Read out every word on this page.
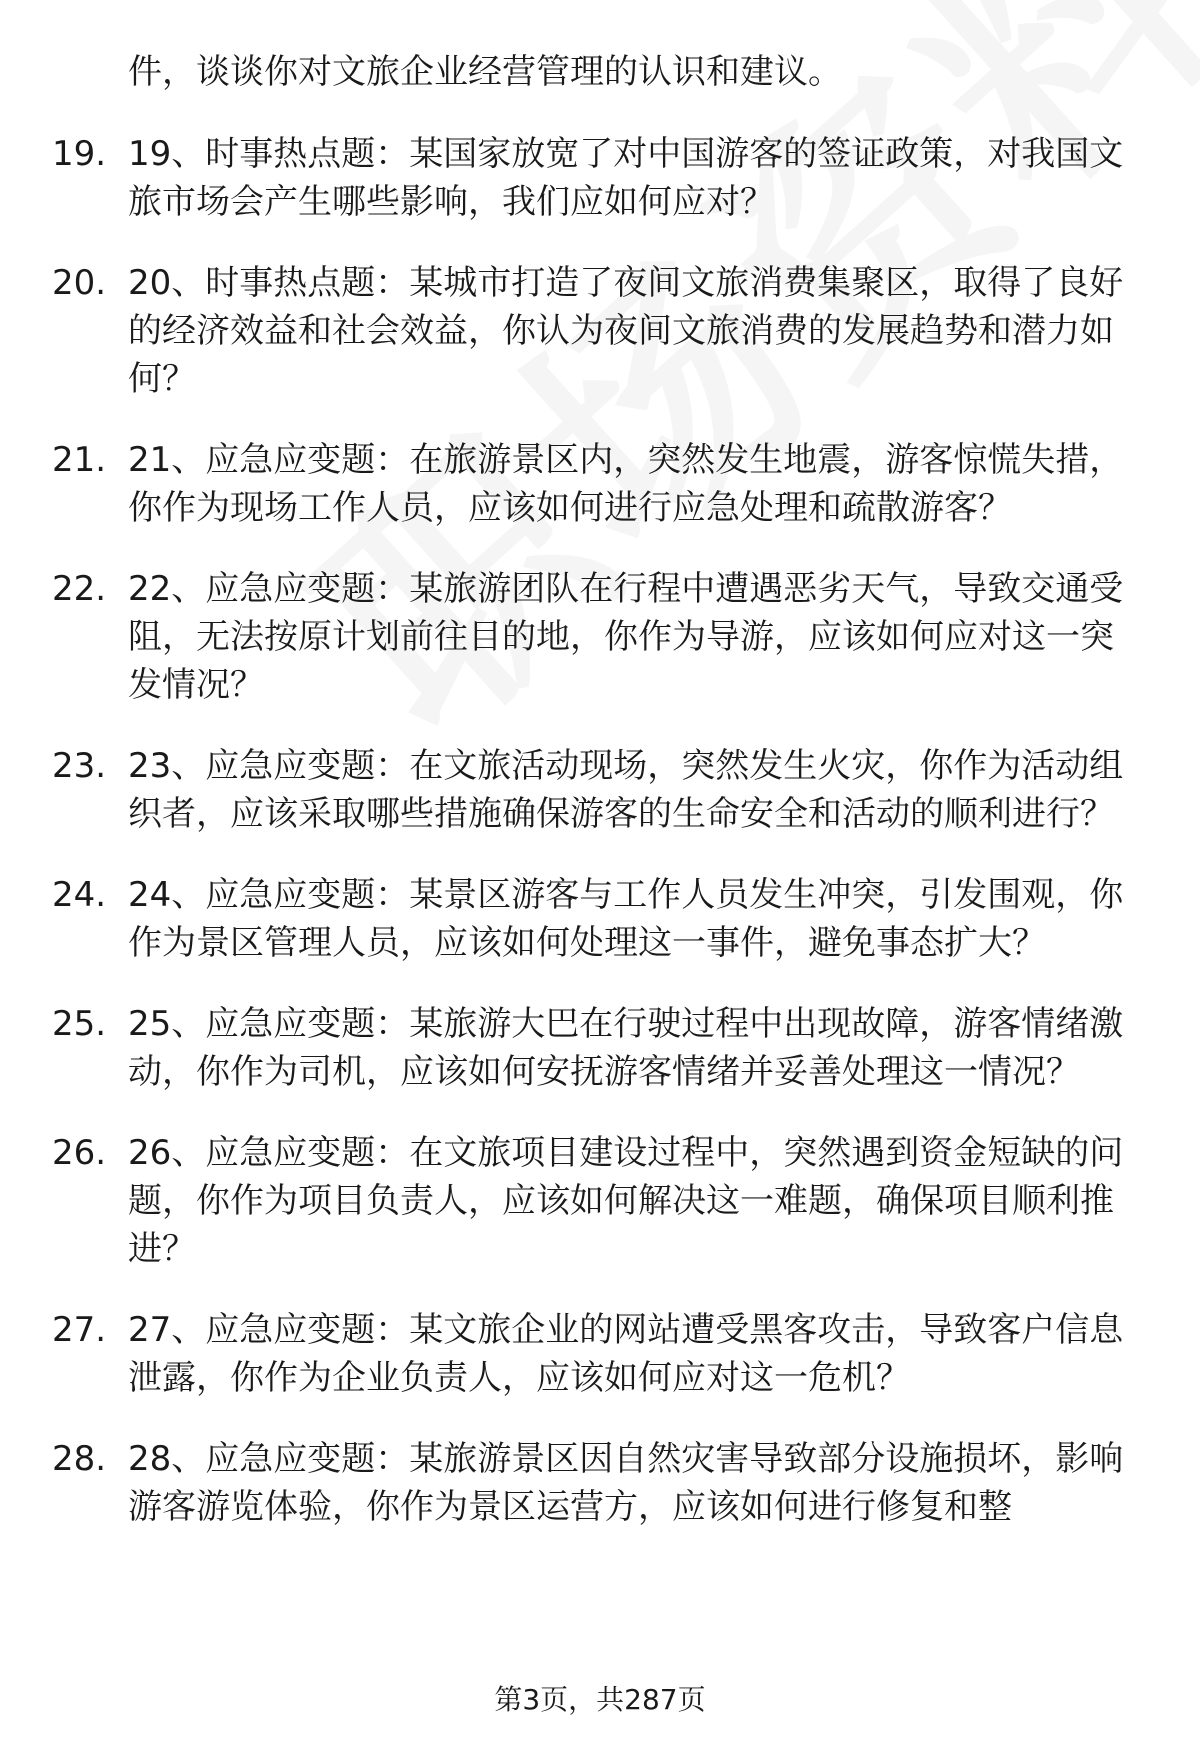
件，谈谈你对文旅企业经营管理的认识和建议。
19. 19、时事热点题：某国家放宽了对中国游客的签证政策，对我国文旅市场会产生哪些影响，我们应如何应对？
20. 20、时事热点题：某城市打造了夜间文旅消费集聚区，取得了良好的经济效益和社会效益，你认为夜间文旅消费的发展趋势和潜力如何？
21. 21、应急应变题：在旅游景区内，突然发生地震，游客惊慌失措，你作为现场工作人员，应该如何进行应急处理和疏散游客？
22. 22、应急应变题：某旅游团队在行程中遭遇恶劣天气，导致交通受阻，无法按原计划前往目的地，你作为导游，应该如何应对这一突发情况？
23. 23、应急应变题：在文旅活动现场，突然发生火灾，你作为活动组织者，应该采取哪些措施确保游客的生命安全和活动的顺利进行？
24. 24、应急应变题：某景区游客与工作人员发生冲突，引发围观，你作为景区管理人员，应该如何处理这一事件，避免事态扩大？
25. 25、应急应变题：某旅游大巴在行驶过程中出现故障，游客情绪激动，你作为司机，应该如何安抚游客情绪并妥善处理这一情况？
26. 26、应急应变题：在文旅项目建设过程中，突然遇到资金短缺的问题，你作为项目负责人，应该如何解决这一难题，确保项目顺利推进？
27. 27、应急应变题：某文旅企业的网站遭受黑客攻击，导致客户信息泄露，你作为企业负责人，应该如何应对这一危机？
28. 28、应急应变题：某旅游景区因自然灾害导致部分设施损坏，影响游客游览体验，你作为景区运营方，应该如何进行修复和整
第3页，共287页
